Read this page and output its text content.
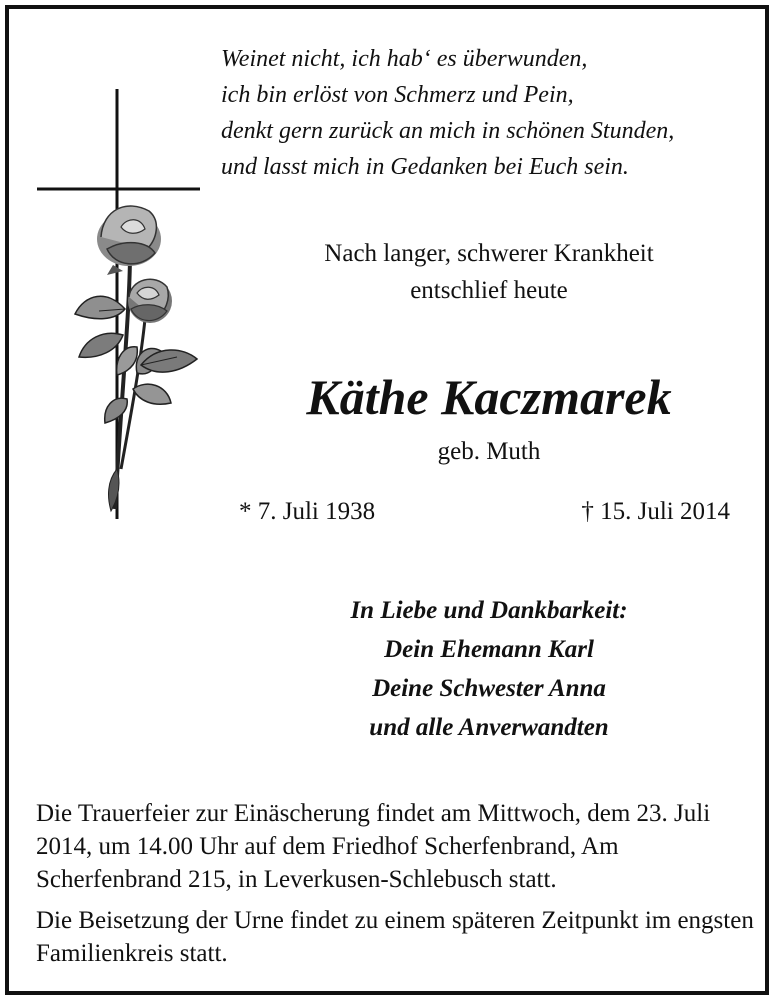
Weinet nicht, ich hab‘ es überwunden,
ich bin erlöst von Schmerz und Pein,
denkt gern zurück an mich in schönen Stunden,
und lasst mich in Gedanken bei Euch sein.
Nach langer, schwerer Krankheit
entschlief heute
Käthe Kaczmarek
geb. Muth
* 7. Juli 1938	† 15. Juli 2014
In Liebe und Dankbarkeit:
Dein Ehemann Karl
Deine Schwester Anna
und alle Anverwandten

Die Trauerfeier zur Einäscherung findet am Mittwoch, dem 23. Juli 2014, um 14.00 Uhr auf dem Friedhof Scherfenbrand, Am Scherfenbrand 215, in Leverkusen-Schlebusch statt.

Die Beisetzung der Urne findet zu einem späteren Zeitpunkt im engsten Familienkreis statt.
